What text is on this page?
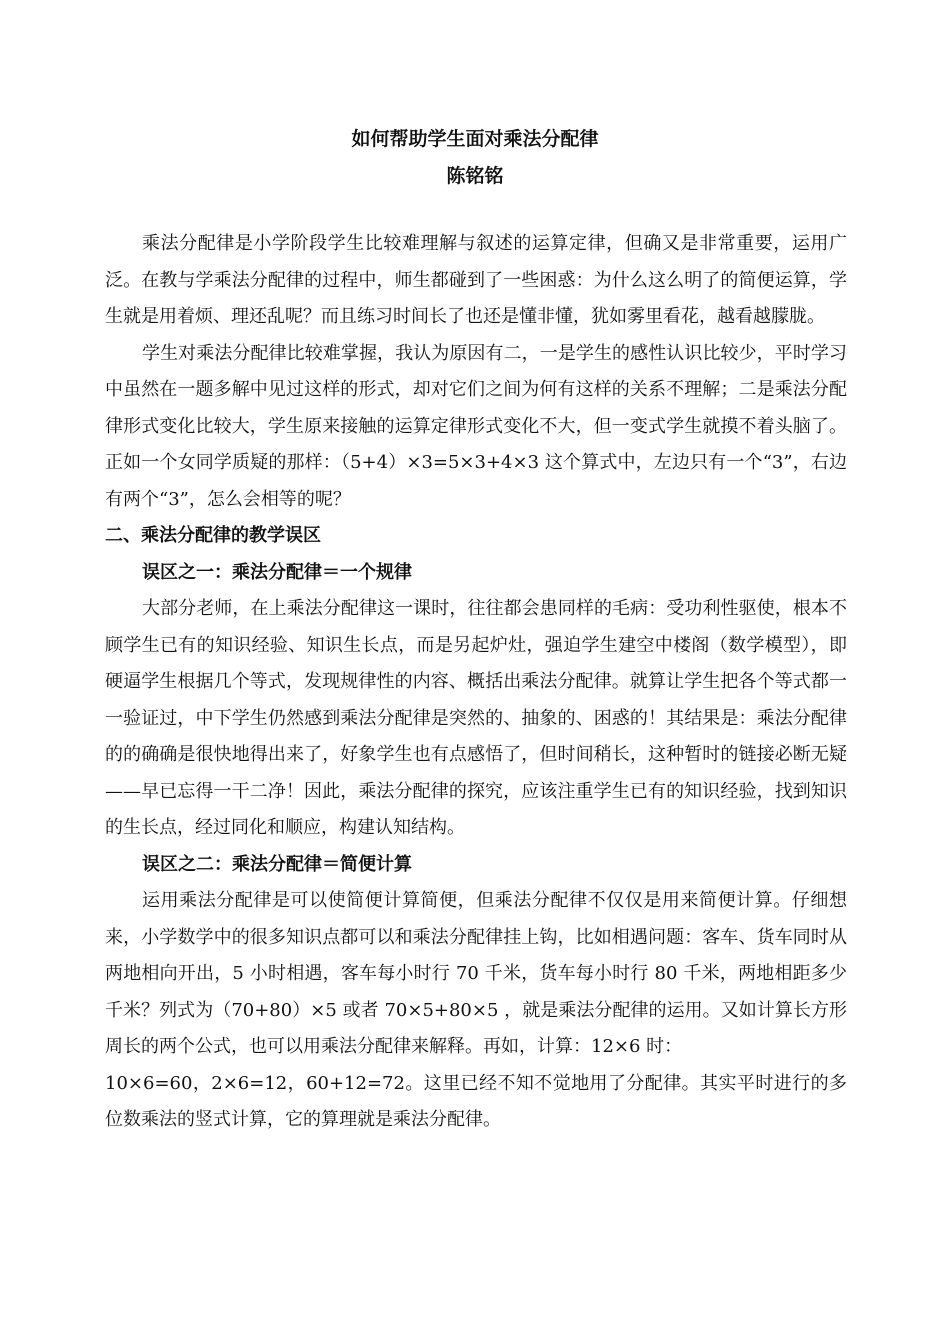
如何帮助学生面对乘法分配律
陈铭铭

乘法分配律是小学阶段学生比较难理解与叙述的运算定律，但确又是非常重要，运用广泛。在教与学乘法分配律的过程中，师生都碰到了一些困惑：为什么这么明了的简便运算，学生就是用着烦、理还乱呢？而且练习时间长了也还是懂非懂，犹如雾里看花，越看越朦胧。

学生对乘法分配律比较难掌握，我认为原因有二，一是学生的感性认识比较少，平时学习中虽然在一题多解中见过这样的形式，却对它们之间为何有这样的关系不理解；二是乘法分配律形式变化比较大，学生原来接触的运算定律形式变化不大，但一变式学生就摸不着头脑了。正如一个女同学质疑的那样：（5+4）×3=5×3+4×3 这个算式中，左边只有一个“3”，右边有两个“3”，怎么会相等的呢？

二、乘法分配律的教学误区

误区之一：乘法分配律＝一个规律

大部分老师，在上乘法分配律这一课时，往往都会患同样的毛病：受功利性驱使，根本不顾学生已有的知识经验、知识生长点，而是另起炉灶，强迫学生建空中楼阁（数学模型），即硬逼学生根据几个等式，发现规律性的内容、概括出乘法分配律。就算让学生把各个等式都一一验证过，中下学生仍然感到乘法分配律是突然的、抽象的、困惑的！其结果是：乘法分配律的的确确是很快地得出来了，好象学生也有点感悟了，但时间稍长，这种暂时的链接必断无疑——早已忘得一干二净！因此，乘法分配律的探究，应该注重学生已有的知识经验，找到知识的生长点，经过同化和顺应，构建认知结构。

误区之二：乘法分配律＝简便计算

运用乘法分配律是可以使简便计算简便，但乘法分配律不仅仅是用来简便计算。仔细想来，小学数学中的很多知识点都可以和乘法分配律挂上钩，比如相遇问题：客车、货车同时从两地相向开出，5 小时相遇，客车每小时行 70 千米，货车每小时行 80 千米，两地相距多少千米？列式为（70+80）×5 或者 70×5+80×5 ，就是乘法分配律的运用。又如计算长方形周长的两个公式，也可以用乘法分配律来解释。再如，计算：12×6 时：

10×6=60，2×6=12，60+12=72。这里已经不知不觉地用了分配律。其实平时进行的多位数乘法的竖式计算，它的算理就是乘法分配律。
